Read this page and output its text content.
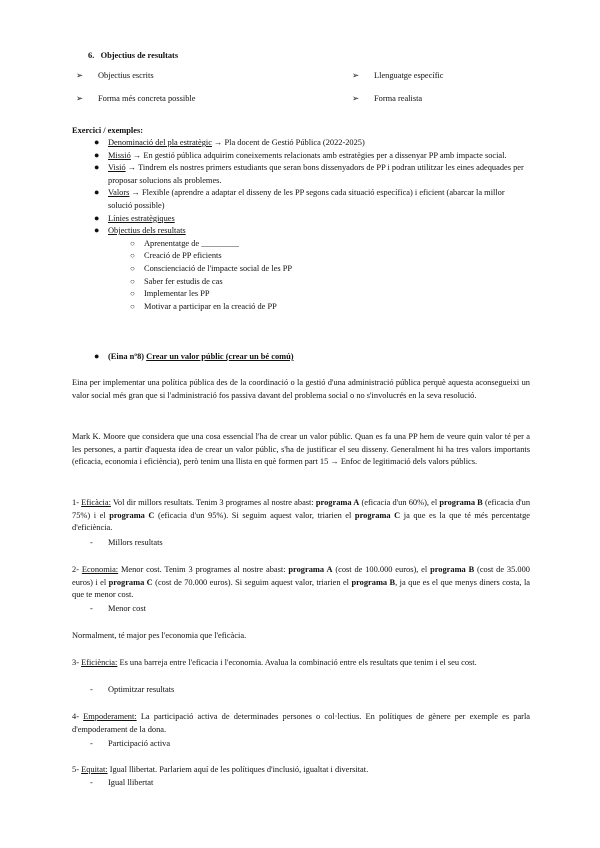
6. Objectius de resultats
➢	Objectius escrits	➢	Llenguatge específic
➢	Forma més concreta possible	➢	Forma realista
Exercici / exemples:
● Denominació del pla estratègic → Pla docent de Gestió Pública (2022-2025)
● Missió → En gestió pública adquirim coneixements relacionats amb estratègies per a dissenyar PP amb impacte social.
● Visió → Tindrem els nostres primers estudiants que seran bons dissenyadors de PP i podran utilitzar les eines adequades per proposar solucions als problemes.
● Valors → Flexible (aprendre a adaptar el disseny de les PP segons cada situació específica) i eficient (abarcar la millor solució possible)
● Línies estratègiques
● Objectius dels resultats
○ Aprenentatge de _________
○ Creació de PP eficients
○ Conscienciació de l'impacte social de les PP
○ Saber fer estudis de cas
○ Implementar les PP
○ Motivar a participar en la creació de PP
● (Eina nº8) Crear un valor públic (crear un bé comú)

Eina per implementar una política pública des de la coordinació o la gestió d'una administració pública perquè aquesta aconsegueixi un valor social més gran que si l'administració fos passiva davant del problema social o no s'involucrés en la seva resolució.

Mark K. Moore que considera que una cosa essencial l'ha de crear un valor públic. Quan es fa una PP hem de veure quin valor té per a les persones, a partir d'aquesta idea de crear un valor públic, s'ha de justificar el seu disseny. Generalment hi ha tres valors importants (eficacia, economia i eficiència), però tenim una llista en què formen part 15 → Enfoc de legitimació dels valors públics.

1- Eficàcia: Vol dir millors resultats. Tenim 3 programes al nostre abast: programa A (eficacia d'un 60%), el programa B (eficacia d'un 75%) i el programa C (eficacia d'un 95%). Si seguim aquest valor, triarien el programa C ja que es la que té més percentatge d'eficiència.

- Millors resultats

2- Economia: Menor cost. Tenim 3 programes al nostre abast: programa A (cost de 100.000 euros), el programa B (cost de 35.000 euros) i el programa C (cost de 70.000 euros). Si seguim aquest valor, triarien el programa B, ja que es el que menys diners costa, la que te menor cost.

- Menor cost

Normalment, té major pes l'economia que l'eficàcia.

3- Eficiència: Es una barreja entre l'eficacia i l'economia. Avalua la combinació entre els resultats que tenim i el seu cost.

- Optimitzar resultats

4- Empoderament: La participació activa de determinades persones o col·lectius. En polítiques de gènere per exemple es parla d'empoderament de la dona.

- Participació activa

5- Equitat: Igual llibertat. Parlariem aquí de les polítiques d'inclusió, igualtat i diversitat.

- Igual llibertat
